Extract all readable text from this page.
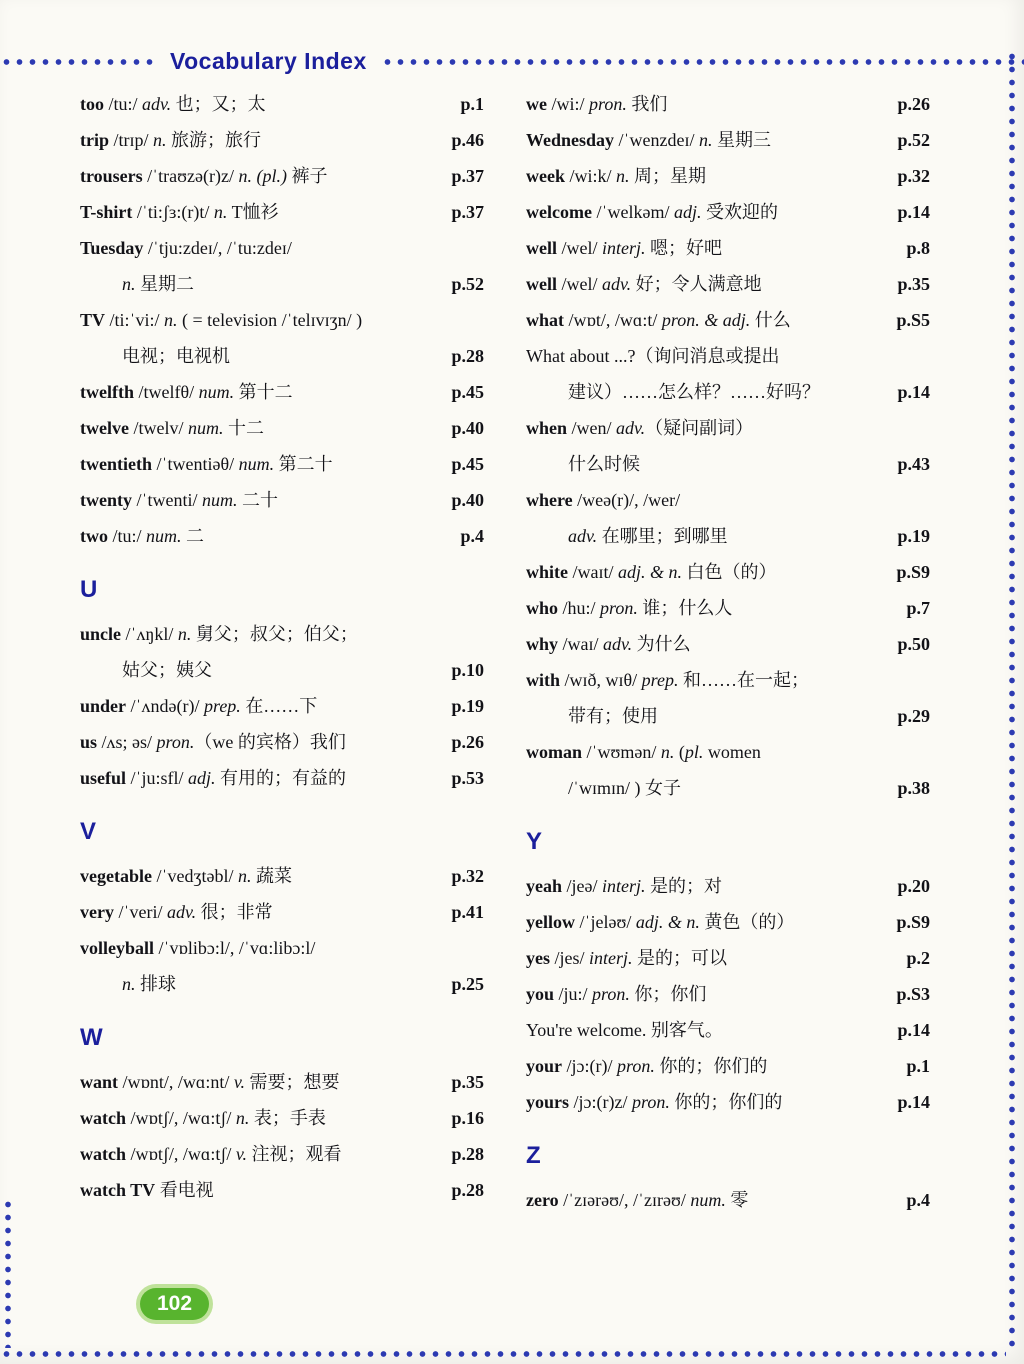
Vocabulary Index
too /tu:/ adv. 也；又；太	p.1
trip /trɪp/ n. 旅游；旅行	p.46
trousers /ˈtraʊzə(r)z/ n. (pl.) 裤子	p.37
T-shirt /ˈti:ʃɜ:(r)t/ n. T恤衫	p.37
Tuesday /ˈtju:zdeɪ/, /ˈtu:zdeɪ/
n. 星期二	p.52
TV /ti:ˈvi:/ n. ( = television /ˈtelɪvɪʒn/ )
电视；电视机	p.28
twelfth /twelfθ/ num. 第十二	p.45
twelve /twelv/ num. 十二	p.40
twentieth /ˈtwentiəθ/ num. 第二十	p.45
twenty /ˈtwenti/ num. 二十	p.40
two /tu:/ num. 二	p.4
U
uncle /ˈʌŋkl/ n. 舅父；叔父；伯父；
姑父；姨父	p.10
under /ˈʌndə(r)/ prep. 在……下	p.19
us /ʌs; əs/ pron.（we 的宾格）我们	p.26
useful /ˈju:sfl/ adj. 有用的；有益的	p.53
V
vegetable /ˈvedʒtəbl/ n. 蔬菜	p.32
very /ˈveri/ adv. 很；非常	p.41
volleyball /ˈvɒlibɔ:l/, /ˈvɑ:libɔ:l/
n. 排球	p.25
W
want /wɒnt/, /wɑ:nt/ v. 需要；想要	p.35
watch /wɒtʃ/, /wɑ:tʃ/ n. 表；手表	p.16
watch /wɒtʃ/, /wɑ:tʃ/ v. 注视；观看	p.28
watch TV 看电视	p.28
we /wi:/ pron. 我们	p.26
Wednesday /ˈwenzdeɪ/ n. 星期三	p.52
week /wi:k/ n. 周；星期	p.32
welcome /ˈwelkəm/ adj. 受欢迎的	p.14
well /wel/ interj. 嗯；好吧	p.8
well /wel/ adv. 好；令人满意地	p.35
what /wɒt/, /wɑ:t/ pron. & adj. 什么	p.S5
What about ...?（询问消息或提出
建议）……怎么样？……好吗？	p.14
when /wen/ adv.（疑问副词）
什么时候	p.43
where /weə(r)/, /wer/
adv. 在哪里；到哪里	p.19
white /waɪt/ adj. & n. 白色（的）	p.S9
who /hu:/ pron. 谁；什么人	p.7
why /waɪ/ adv. 为什么	p.50
with /wɪð, wɪθ/ prep. 和……在一起；
带有；使用	p.29
woman /ˈwʊmən/ n. (pl. women
/ˈwɪmɪn/ ) 女子	p.38
Y
yeah /jeə/ interj. 是的；对	p.20
yellow /ˈjeləʊ/ adj. & n. 黄色（的）	p.S9
yes /jes/ interj. 是的；可以	p.2
you /ju:/ pron. 你；你们	p.S3
You're welcome. 别客气。	p.14
your /jɔ:(r)/ pron. 你的；你们的	p.1
yours /jɔ:(r)z/ pron. 你的；你们的	p.14
Z
zero /ˈzɪərəʊ/, /ˈzɪrəʊ/ num. 零	p.4
102
